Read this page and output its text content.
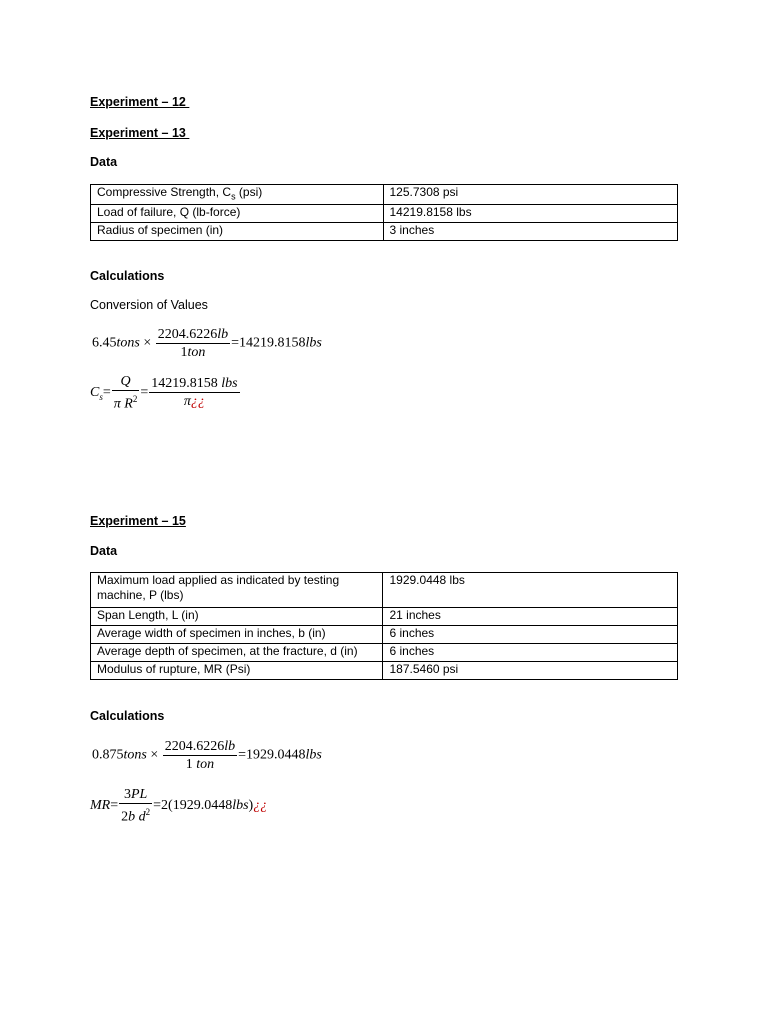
Experiment – 12
Experiment – 13
Data
Compressive Strength, $C_s$ (psi)	125.7308 psi
Load of failure, Q (lb-force)	14219.8158 lbs
Radius of specimen (in)	3 inches
Calculations
Conversion of Values
6.45tons × $\frac{2204.6226lb}{\text{1ton}} =14219.8158lbs$
$C_s= \frac{Q}{\pi R^2} = \frac{\text{14219.8158 lbs}}{\pi¿¿}$
Experiment – 15
Data
Maximum load applied as indicated by testing machine, P (lbs)	1929.0448 lbs
Span Length, L (in)	21 inches
Average width of specimen in inches, b (in)	6 inches
Average depth of specimen, at the fracture, d (in)	6 inches
Modulus of rupture, MR (Psi)	187.5460 psi
Calculations
0.875tons × $\frac{2204.6226lb}{\text{1 ton}} =1929.0448lbs$
$MR= \frac{3PL}{2b d^2}$ =2(1929.0448lbs)¿¿
